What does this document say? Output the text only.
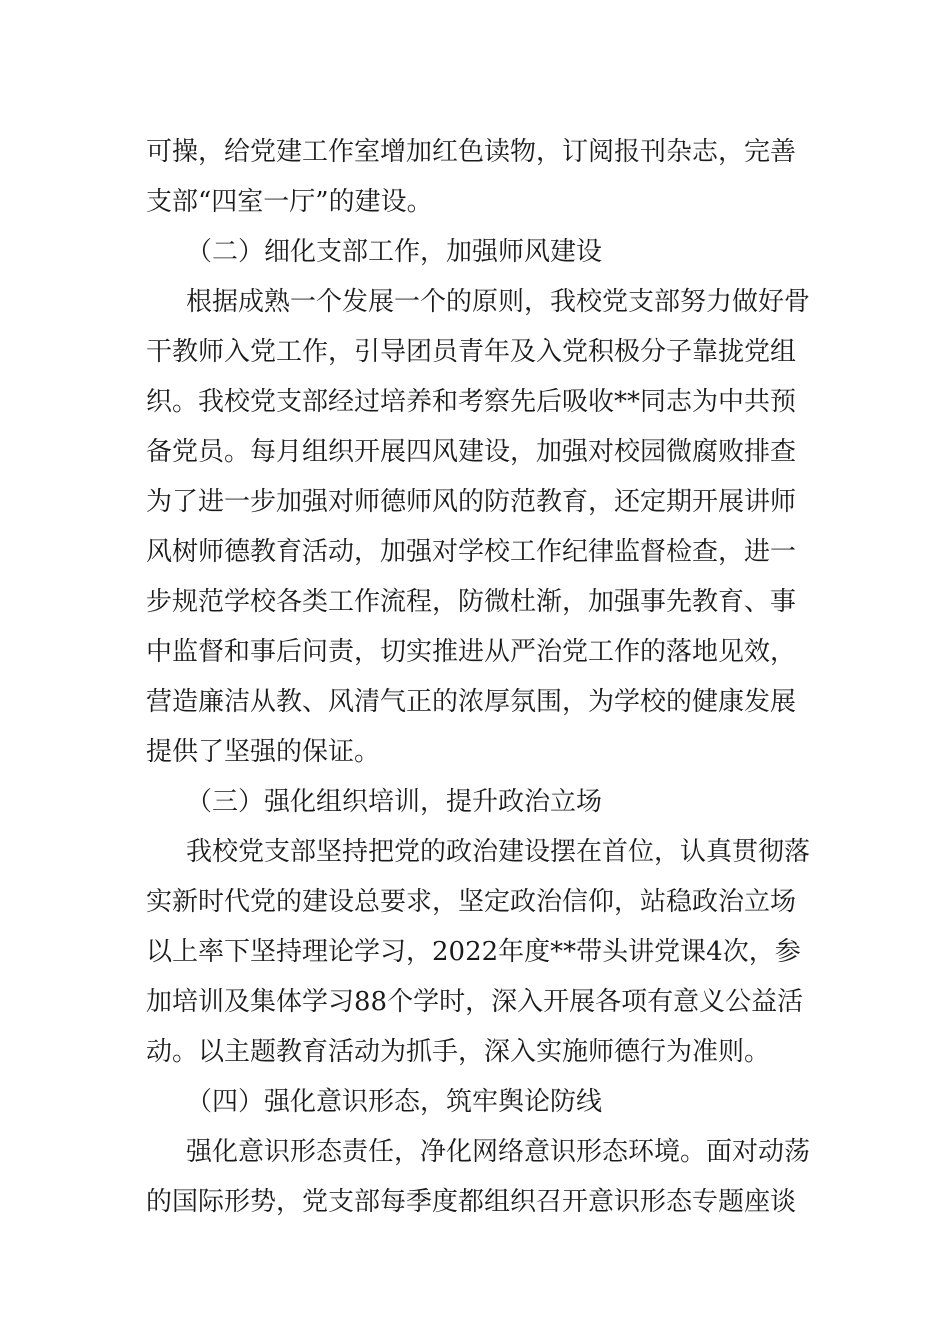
可操，给党建工作室增加红色读物，订阅报刊杂志，完善
支部“四室一厅”的建设。
（二）细化支部工作，加强师风建设
根据成熟一个发展一个的原则，我校党支部努力做好骨
干教师入党工作，引导团员青年及入党积极分子靠拢党组
织。我校党支部经过培养和考察先后吸收**同志为中共预
备党员。每月组织开展四风建设，加强对校园微腐败排查
为了进一步加强对师德师风的防范教育，还定期开展讲师
风树师德教育活动，加强对学校工作纪律监督检查，进一
步规范学校各类工作流程，防微杜渐，加强事先教育、事
中监督和事后问责，切实推进从严治党工作的落地见效，
营造廉洁从教、风清气正的浓厚氛围，为学校的健康发展
提供了坚强的保证。
（三）强化组织培训，提升政治立场
我校党支部坚持把党的政治建设摆在首位，认真贯彻落
实新时代党的建设总要求，坚定政治信仰，站稳政治立场
以上率下坚持理论学习，2022年度**带头讲党课4次，参
加培训及集体学习88个学时，深入开展各项有意义公益活
动。以主题教育活动为抓手，深入实施师德行为准则。
（四）强化意识形态，筑牢舆论防线
强化意识形态责任，净化网络意识形态环境。面对动荡
的国际形势，党支部每季度都组织召开意识形态专题座谈
